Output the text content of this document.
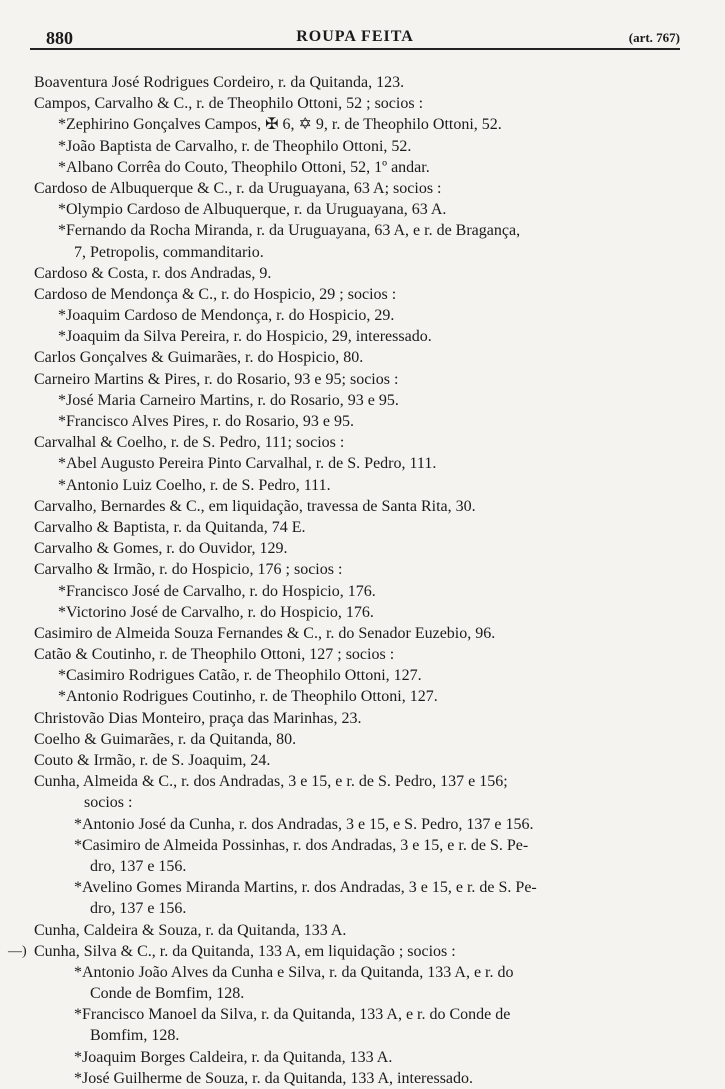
880	ROUPA FEITA	(art. 767)
Boaventura José Rodrigues Cordeiro, r. da Quitanda, 123.
Campos, Carvalho & C., r. de Theophilo Ottoni, 52 ; socios :
*Zephirino Gonçalves Campos, ✠ 6, ✡ 9, r. de Theophilo Ottoni, 52.
*João Baptista de Carvalho, r. de Theophilo Ottoni, 52.
*Albano Corrêa do Couto, Theophilo Ottoni, 52, 1º andar.
Cardoso de Albuquerque & C., r. da Uruguayana, 63 A; socios :
*Olympio Cardoso de Albuquerque, r. da Uruguayana, 63 A.
*Fernando da Rocha Miranda, r. da Uruguayana, 63 A, e r. de Bragança,
7, Petropolis, commanditario.
Cardoso & Costa, r. dos Andradas, 9.
Cardoso de Mendonça & C., r. do Hospicio, 29 ; socios :
*Joaquim Cardoso de Mendonça, r. do Hospicio, 29.
*Joaquim da Silva Pereira, r. do Hospicio, 29, interessado.
Carlos Gonçalves & Guimarães, r. do Hospicio, 80.
Carneiro Martins & Pires, r. do Rosario, 93 e 95; socios :
*José Maria Carneiro Martins, r. do Rosario, 93 e 95.
*Francisco Alves Pires, r. do Rosario, 93 e 95.
Carvalhal & Coelho, r. de S. Pedro, 111; socios :
*Abel Augusto Pereira Pinto Carvalhal, r. de S. Pedro, 111.
*Antonio Luiz Coelho, r. de S. Pedro, 111.
Carvalho, Bernardes & C., em liquidação, travessa de Santa Rita, 30.
Carvalho & Baptista, r. da Quitanda, 74 E.
Carvalho & Gomes, r. do Ouvidor, 129.
Carvalho & Irmão, r. do Hospicio, 176 ; socios :
*Francisco José de Carvalho, r. do Hospicio, 176.
*Victorino José de Carvalho, r. do Hospicio, 176.
Casimiro de Almeida Souza Fernandes & C., r. do Senador Euzebio, 96.
Catão & Coutinho, r. de Theophilo Ottoni, 127 ; socios :
*Casimiro Rodrigues Catão, r. de Theophilo Ottoni, 127.
*Antonio Rodrigues Coutinho, r. de Theophilo Ottoni, 127.
Christovão Dias Monteiro, praça das Marinhas, 23.
Coelho & Guimarães, r. da Quitanda, 80.
Couto & Irmão, r. de S. Joaquim, 24.
Cunha, Almeida & C., r. dos Andradas, 3 e 15, e r. de S. Pedro, 137 e 156;
socios :
*Antonio José da Cunha, r. dos Andradas, 3 e 15, e S. Pedro, 137 e 156.
*Casimiro de Almeida Possinhas, r. dos Andradas, 3 e 15, e r. de S. Pe-
dro, 137 e 156.
*Avelino Gomes Miranda Martins, r. dos Andradas, 3 e 15, e r. de S. Pe-
dro, 137 e 156.
Cunha, Caldeira & Souza, r. da Quitanda, 133 A.
—) Cunha, Silva & C., r. da Quitanda, 133 A, em liquidação ; socios :
*Antonio João Alves da Cunha e Silva, r. da Quitanda, 133 A, e r. do
Conde de Bomfim, 128.
*Francisco Manoel da Silva, r. da Quitanda, 133 A, e r. do Conde de
Bomfim, 128.
*Joaquim Borges Caldeira, r. da Quitanda, 133 A.
*José Guilherme de Souza, r. da Quitanda, 133 A, interessado.
